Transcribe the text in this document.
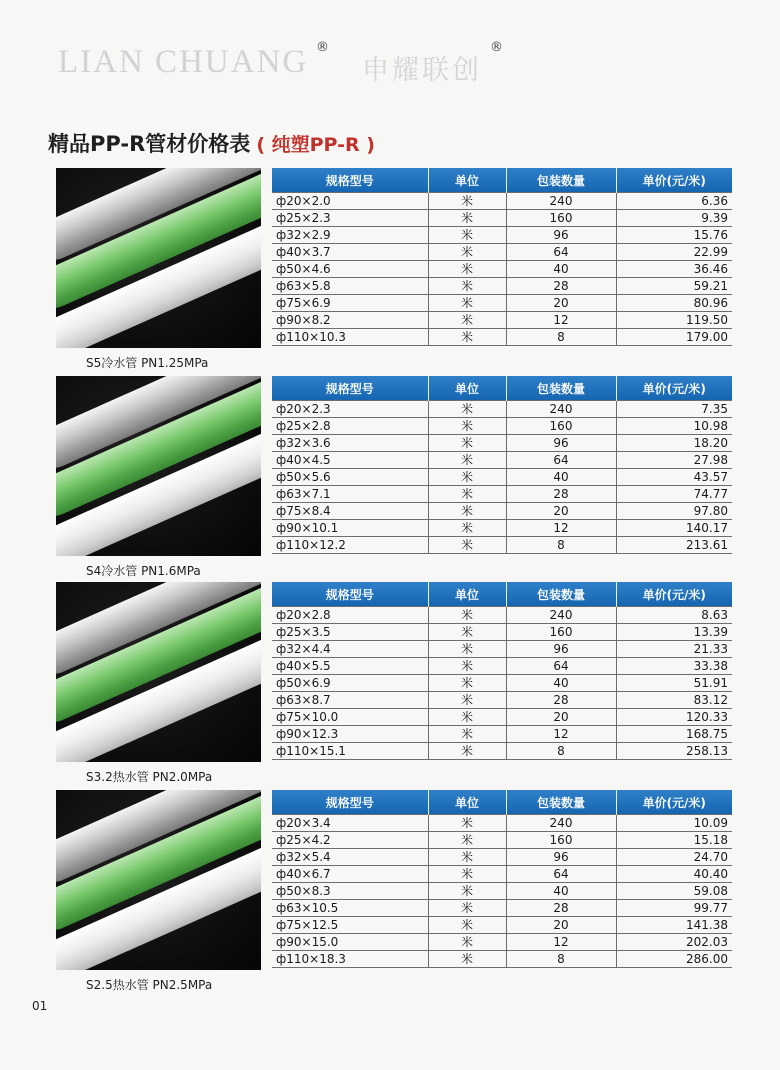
LIAN CHUANG ®
申耀联创
®
精品PP-R管材价格表 ( 纯塑PP-R )
S5冷水管 PN1.25MPa
规格型号	单位	包装数量	单价(元/米)
ф20×2.0	米	240	6.36
ф25×2.3	米	160	9.39
ф32×2.9	米	96	15.76
ф40×3.7	米	64	22.99
ф50×4.6	米	40	36.46
ф63×5.8	米	28	59.21
ф75×6.9	米	20	80.96
ф90×8.2	米	12	119.50
ф110×10.3	米	8	179.00
S4冷水管 PN1.6MPa
规格型号	单位	包装数量	单价(元/米)
ф20×2.3	米	240	7.35
ф25×2.8	米	160	10.98
ф32×3.6	米	96	18.20
ф40×4.5	米	64	27.98
ф50×5.6	米	40	43.57
ф63×7.1	米	28	74.77
ф75×8.4	米	20	97.80
ф90×10.1	米	12	140.17
ф110×12.2	米	8	213.61
S3.2热水管 PN2.0MPa
规格型号	单位	包装数量	单价(元/米)
ф20×2.8	米	240	8.63
ф25×3.5	米	160	13.39
ф32×4.4	米	96	21.33
ф40×5.5	米	64	33.38
ф50×6.9	米	40	51.91
ф63×8.7	米	28	83.12
ф75×10.0	米	20	120.33
ф90×12.3	米	12	168.75
ф110×15.1	米	8	258.13
S2.5热水管 PN2.5MPa
规格型号	单位	包装数量	单价(元/米)
ф20×3.4	米	240	10.09
ф25×4.2	米	160	15.18
ф32×5.4	米	96	24.70
ф40×6.7	米	64	40.40
ф50×8.3	米	40	59.08
ф63×10.5	米	28	99.77
ф75×12.5	米	20	141.38
ф90×15.0	米	12	202.03
ф110×18.3	米	8	286.00
01
